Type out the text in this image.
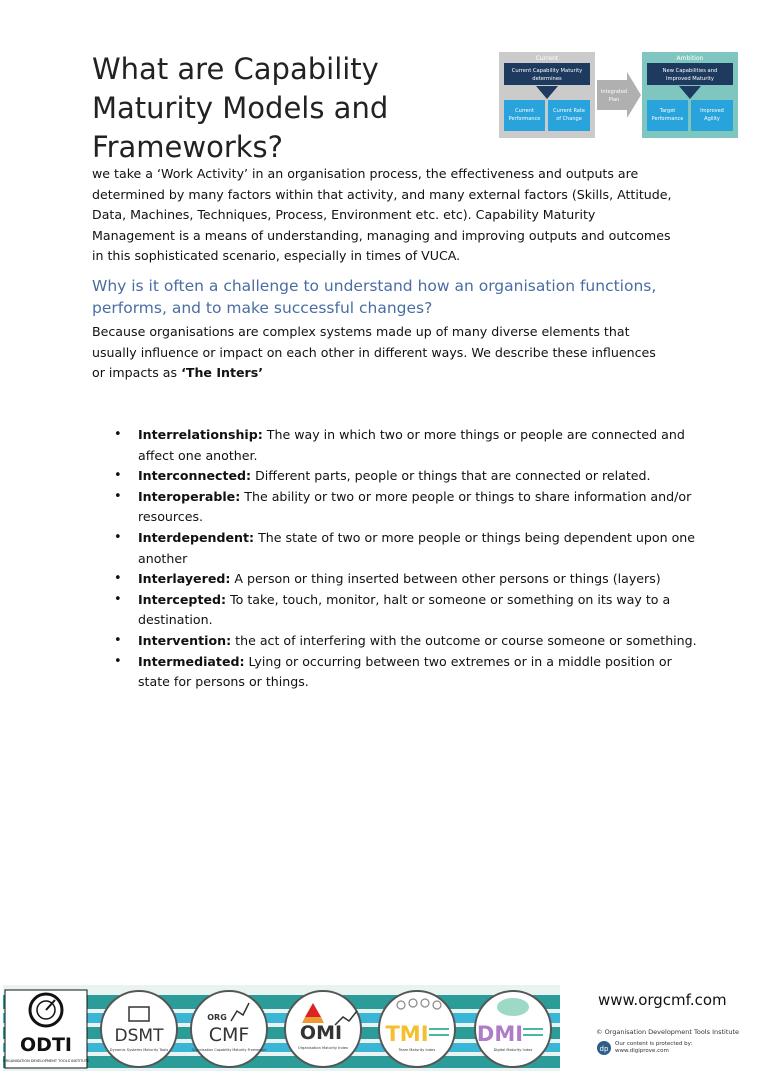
What are Capability Maturity Models and Frameworks?
Current
Current Capability Maturity
determines
Current
Performance
Current Rate
of Change
Integrated
Plan
Ambition
New Capabilities and
Improved Maturity
Target
Performance
Improved
Agility

we take a ‘Work Activity’ in an organisation process, the effectiveness and outputs are determined by many factors within that activity, and many external factors (Skills, Attitude, Data, Machines, Techniques, Process, Environment etc. etc). Capability Maturity Management is a means of understanding, managing and improving outputs and outcomes in this sophisticated scenario, especially in times of VUCA.

Why is it often a challenge to understand how an organisation functions, performs, and to make successful changes?

Because organisations are complex systems made up of many diverse elements that usually influence or impact on each other in different ways. We describe these influences or impacts as ‘The Inters’

• Interrelationship: The way in which two or more things or people are connected and affect one another.
• Interconnected: Different parts, people or things that are connected or related.
• Interoperable: The ability or two or more people or things to share information and/or resources.
• Interdependent: The state of two or more people or things being dependent upon one another
• Interlayered: A person or thing inserted between other persons or things (layers)
• Intercepted: To take, touch, monitor, halt or someone or something on its way to a destination.
• Intervention: the act of interfering with the outcome or course someone or something.
• Intermediated: Lying or occurring between two extremes or in a middle position or state for persons or things.
ODTI
ORGANISATION DEVELOPMENT TOOLS INSTITUTE
DSMT
Dynamic Systems Maturity Tools
ORG
CMF
Organisation Capability Maturity Framework
OMI
Organisation Maturity Index
TMI
Team Maturity Index
DMI
Digital Maturity Index
www.orgcmf.com
© Organisation Development Tools Institute
dp
Our content is protected by: www.digiprove.com
